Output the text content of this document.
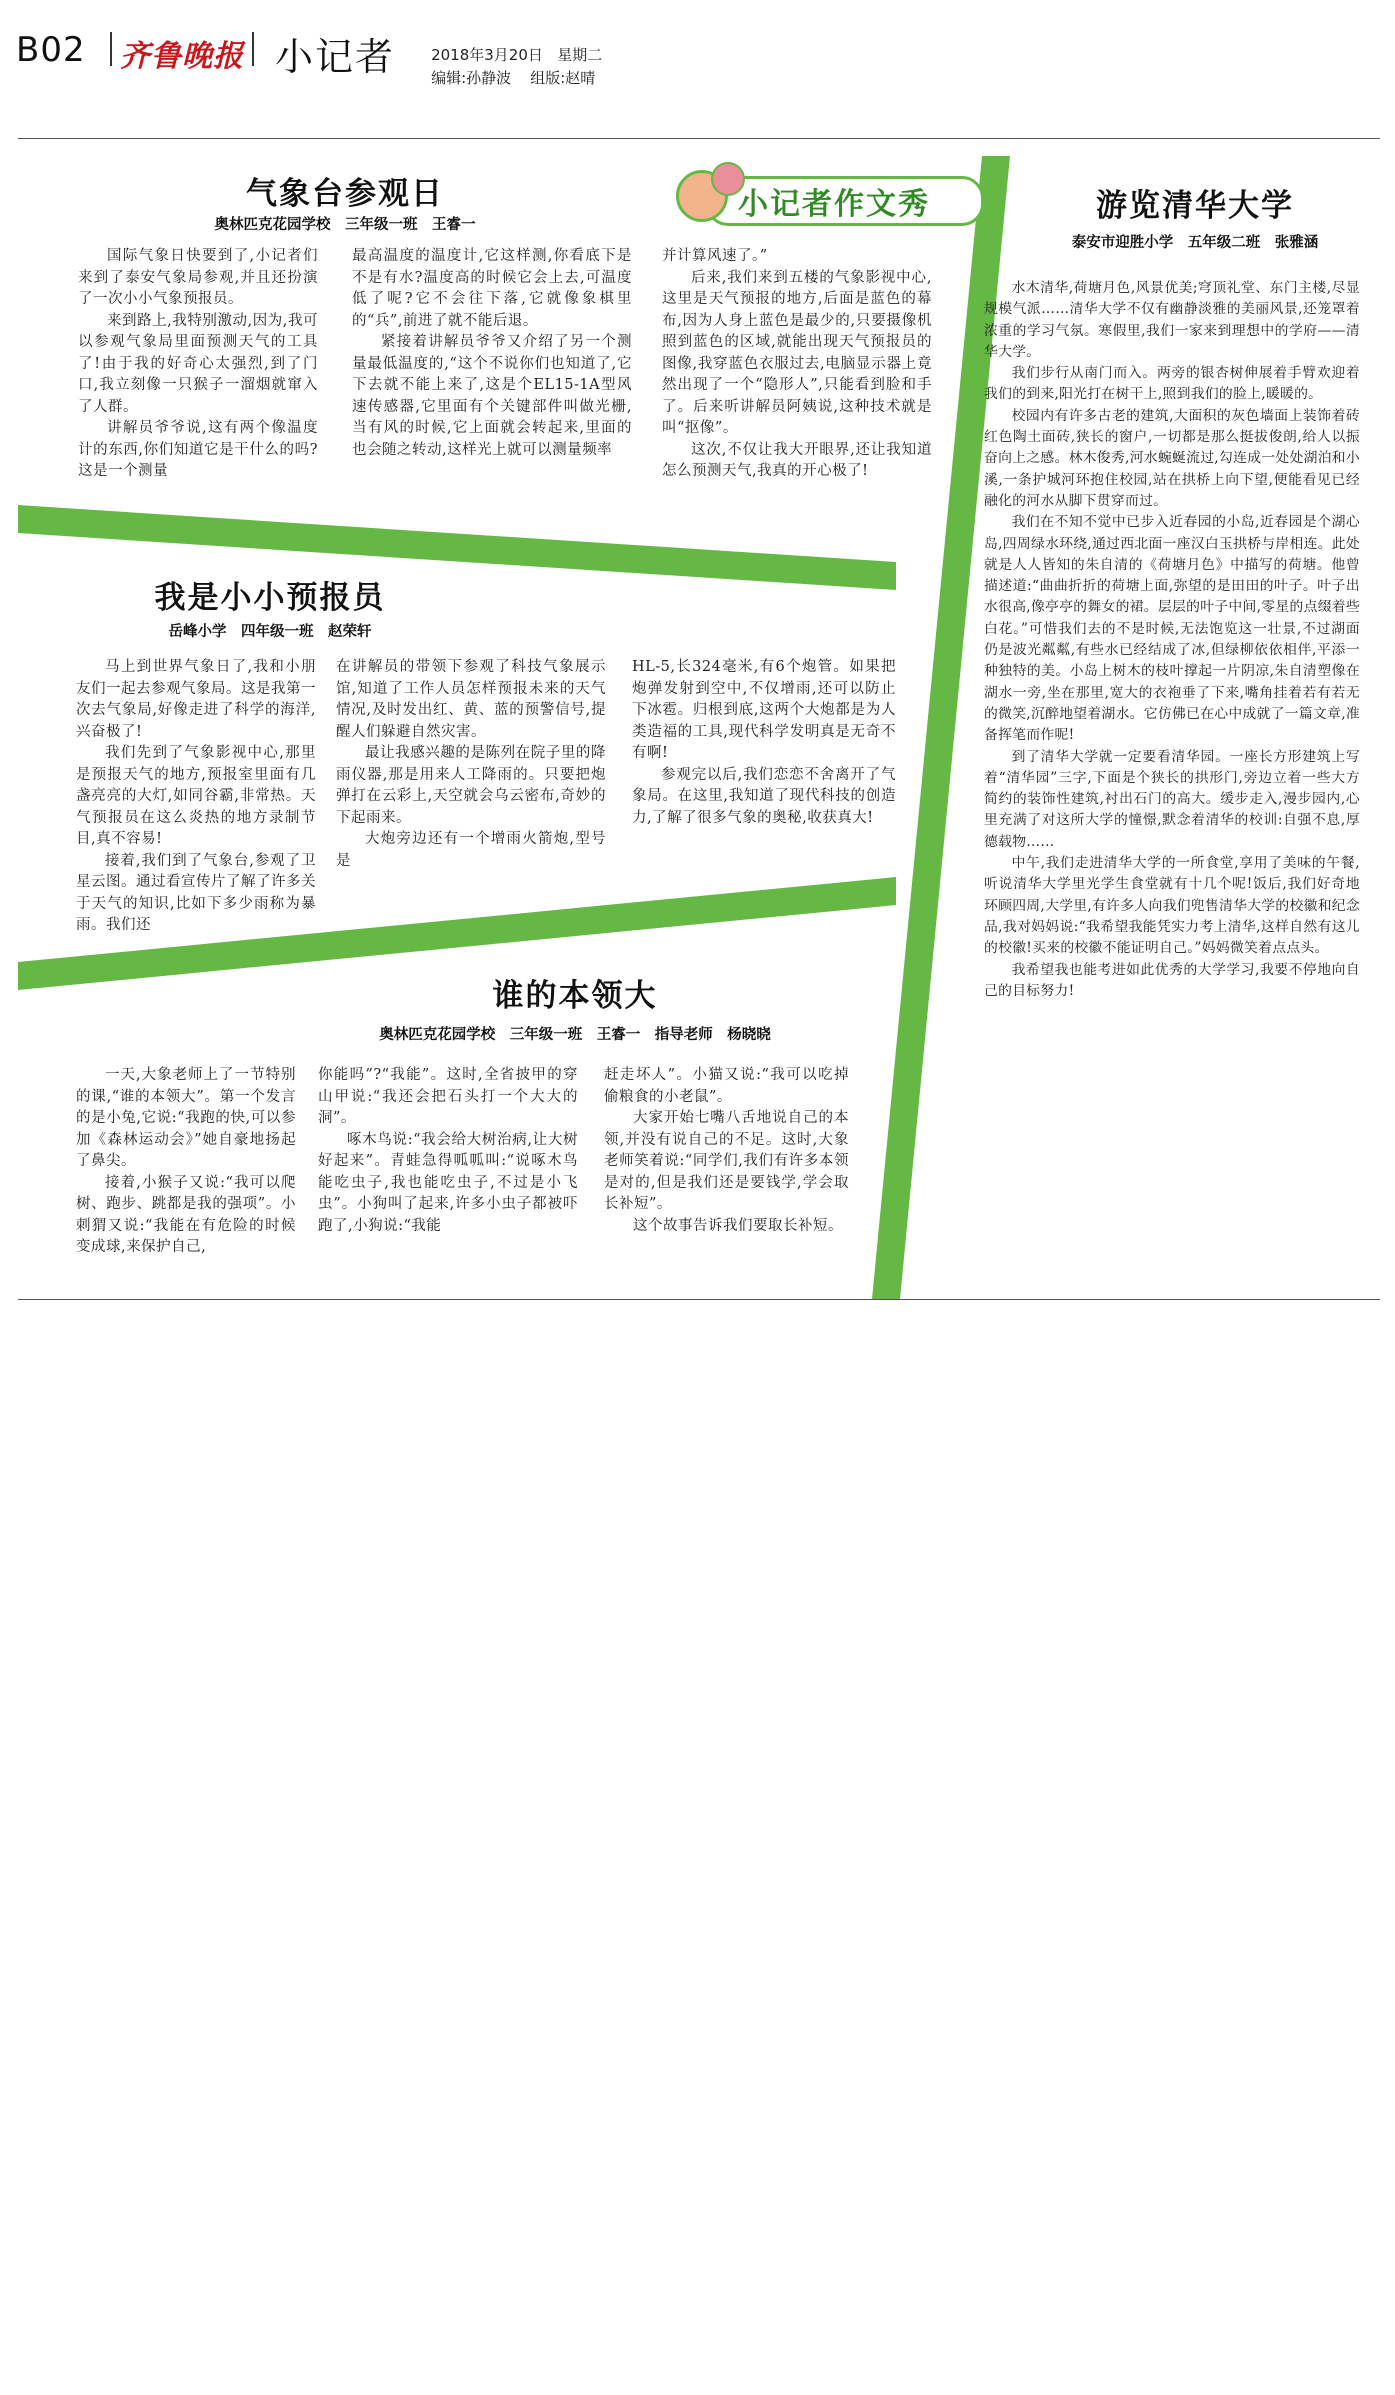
B02 齐鲁晚报 小记者	2018年3月20日 星期二

编辑:孙静波 组版:赵晴

小记者作文秀
气象台参观日
奥林匹克花园学校　三年级一班　王睿一

国际气象日快要到了,小记者们来到了泰安气象局参观,并且还扮演了一次小小气象预报员。

来到路上,我特别激动,因为,我可以参观气象局里面预测天气的工具了!由于我的好奇心太强烈,到了门口,我立刻像一只猴子一溜烟就窜入了人群。

讲解员爷爷说,这有两个像温度计的东西,你们知道它是干什么的吗?这是一个测量

最高温度的温度计,它这样测,你看底下是不是有水?温度高的时候它会上去,可温度低了呢?它不会往下落,它就像象棋里的“兵”,前进了就不能后退。

紧接着讲解员爷爷又介绍了另一个测量最低温度的,“这个不说你们也知道了,它下去就不能上来了,这是个EL15-1A型风速传感器,它里面有个关键部件叫做光栅,当有风的时候,它上面就会转起来,里面的也会随之转动,这样光上就可以测量频率

并计算风速了。”

后来,我们来到五楼的气象影视中心,这里是天气预报的地方,后面是蓝色的幕布,因为人身上蓝色是最少的,只要摄像机照到蓝色的区域,就能出现天气预报员的图像,我穿蓝色衣服过去,电脑显示器上竟然出现了一个“隐形人”,只能看到脸和手了。后来听讲解员阿姨说,这种技术就是叫“抠像”。

这次,不仅让我大开眼界,还让我知道怎么预测天气,我真的开心极了!

我是小小预报员
岳峰小学　四年级一班　赵荣轩

马上到世界气象日了,我和小朋友们一起去参观气象局。这是我第一次去气象局,好像走进了科学的海洋,兴奋极了!

我们先到了气象影视中心,那里是预报天气的地方,预报室里面有几盏亮亮的大灯,如同谷霸,非常热。天气预报员在这么炎热的地方录制节目,真不容易!

接着,我们到了气象台,参观了卫星云图。通过看宣传片了解了许多关于天气的知识,比如下多少雨称为暴雨。我们还

在讲解员的带领下参观了科技气象展示馆,知道了工作人员怎样预报未来的天气情况,及时发出红、黄、蓝的预警信号,提醒人们躲避自然灾害。

最让我感兴趣的是陈列在院子里的降雨仪器,那是用来人工降雨的。只要把炮弹打在云彩上,天空就会乌云密布,奇妙的下起雨来。

大炮旁边还有一个增雨火箭炮,型号是

HL-5,长324毫米,有6个炮管。如果把炮弹发射到空中,不仅增雨,还可以防止下冰雹。归根到底,这两个大炮都是为人类造福的工具,现代科学发明真是无奇不有啊!

参观完以后,我们恋恋不舍离开了气象局。在这里,我知道了现代科技的创造力,了解了很多气象的奥秘,收获真大!

谁的本领大
奥林匹克花园学校　三年级一班　王睿一　指导老师　杨晓晓

一天,大象老师上了一节特别的课,“谁的本领大”。第一个发言的是小兔,它说:“我跑的快,可以参加《森林运动会》”她自豪地扬起了鼻尖。

接着,小猴子又说:“我可以爬树、跑步、跳都是我的强项”。小刺猬又说:“我能在有危险的时候变成球,来保护自己,

你能吗”?“我能”。这时,全省披甲的穿山甲说:“我还会把石头打一个大大的洞”。

啄木鸟说:“我会给大树治病,让大树好起来”。青蛙急得呱呱叫:“说啄木鸟能吃虫子,我也能吃虫子,不过是小飞虫”。小狗叫了起来,许多小虫子都被吓跑了,小狗说:“我能

赶走坏人”。小猫又说:“我可以吃掉偷粮食的小老鼠”。

大家开始七嘴八舌地说自己的本领,并没有说自己的不足。这时,大象老师笑着说:“同学们,我们有许多本领是对的,但是我们还是要钱学,学会取长补短”。

这个故事告诉我们要取长补短。

游览清华大学
泰安市迎胜小学　五年级二班　张雅涵

水木清华,荷塘月色,风景优美;穹顶礼堂、东门主楼,尽显规模气派……清华大学不仅有幽静淡雅的美丽风景,还笼罩着浓重的学习气氛。寒假里,我们一家来到理想中的学府——清华大学。

我们步行从南门而入。两旁的银杏树伸展着手臂欢迎着我们的到来,阳光打在树干上,照到我们的脸上,暖暖的。

校园内有许多古老的建筑,大面积的灰色墙面上装饰着砖红色陶土面砖,狭长的窗户,一切都是那么挺拔俊朗,给人以振奋向上之感。林木俊秀,河水蜿蜒流过,勾连成一处处湖泊和小溪,一条护城河环抱住校园,站在拱桥上向下望,便能看见已经融化的河水从脚下贯穿而过。

我们在不知不觉中已步入近春园的小岛,近春园是个湖心岛,四周绿水环绕,通过西北面一座汉白玉拱桥与岸相连。此处就是人人皆知的朱自清的《荷塘月色》中描写的荷塘。他曾描述道:“曲曲折折的荷塘上面,弥望的是田田的叶子。叶子出水很高,像亭亭的舞女的裙。层层的叶子中间,零星的点缀着些白花。”可惜我们去的不是时候,无法饱览这一壮景,不过湖面仍是波光粼粼,有些水已经结成了冰,但绿柳依依相伴,平添一种独特的美。小岛上树木的枝叶撑起一片阴凉,朱自清塑像在湖水一旁,坐在那里,宽大的衣袍垂了下来,嘴角挂着若有若无的微笑,沉醉地望着湖水。它仿佛已在心中成就了一篇文章,准备挥笔而作呢!

到了清华大学就一定要看清华园。一座长方形建筑上写着“清华园”三字,下面是个狭长的拱形门,旁边立着一些大方简约的装饰性建筑,衬出石门的高大。缓步走入,漫步园内,心里充满了对这所大学的憧憬,默念着清华的校训:自强不息,厚德载物……

中午,我们走进清华大学的一所食堂,享用了美味的午餐,听说清华大学里光学生食堂就有十几个呢!饭后,我们好奇地环顾四周,大学里,有许多人向我们兜售清华大学的校徽和纪念品,我对妈妈说:“我希望我能凭实力考上清华,这样自然有这儿的校徽!买来的校徽不能证明自己。”妈妈微笑着点点头。

我希望我也能考进如此优秀的大学学习,我要不停地向自己的目标努力!
